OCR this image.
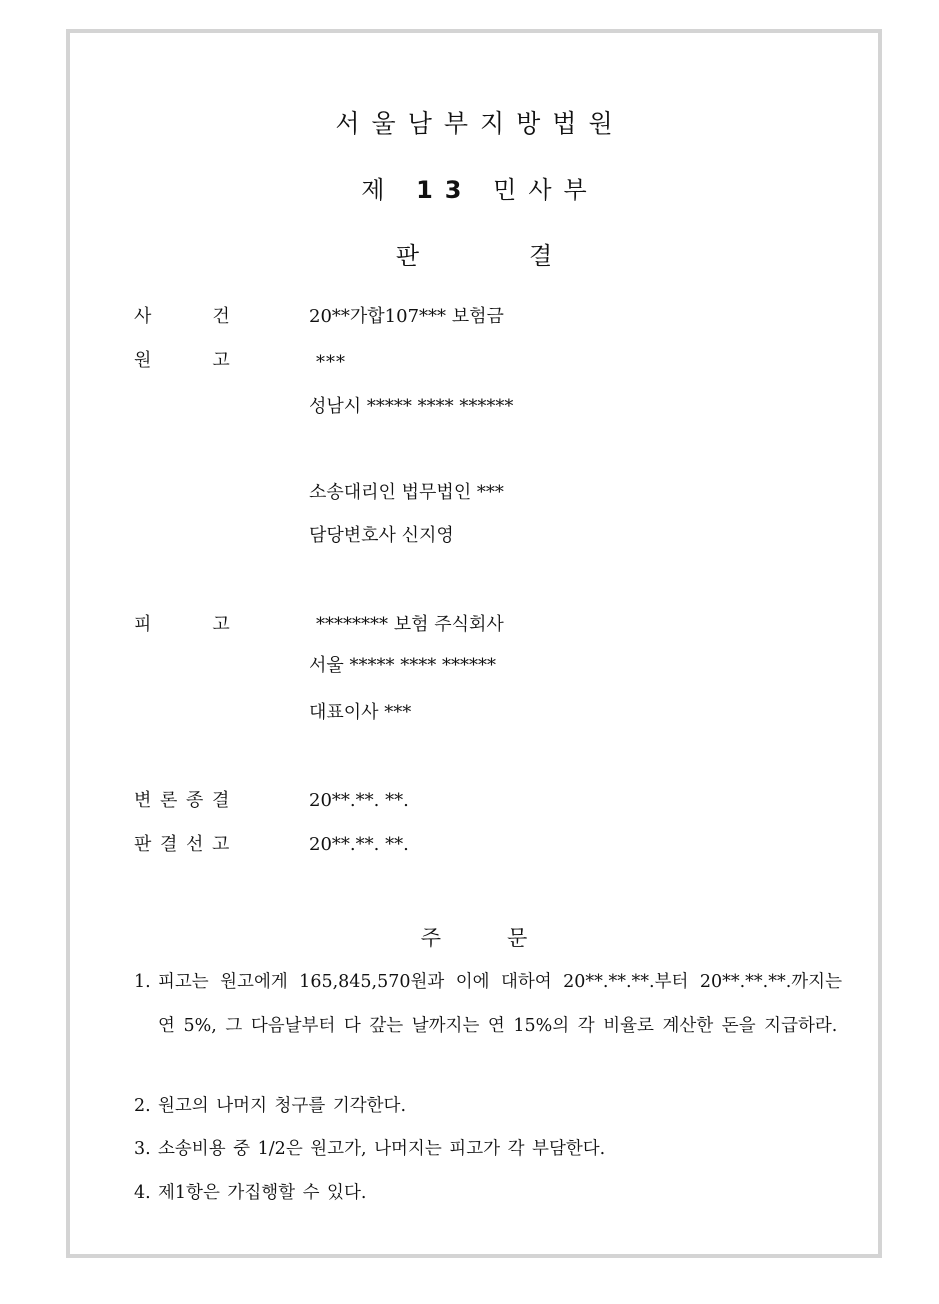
서울남부지방법원
제 13 민사부
판	결
사	건	20**가합107*** 보험금
원	고	***
성남시 ***** **** ******
소송대리인 법무법인 ***
담당변호사 신지영
피	고	******** 보험 주식회사
서울 ***** **** ******
대표이사 ***
변 론 종 결	20**.**. **.
판 결 선 고	20**.**. **.
주	문
1. 피고는 원고에게 165,845,570원과 이에 대하여 20**.**.**.부터 20**.**.**.까지는 연 5%, 그 다음날부터 다 갚는 날까지는 연 15%의 각 비율로 계산한 돈을 지급하라.
2. 원고의 나머지 청구를 기각한다.
3. 소송비용 중 1/2은 원고가, 나머지는 피고가 각 부담한다.
4. 제1항은 가집행할 수 있다.
